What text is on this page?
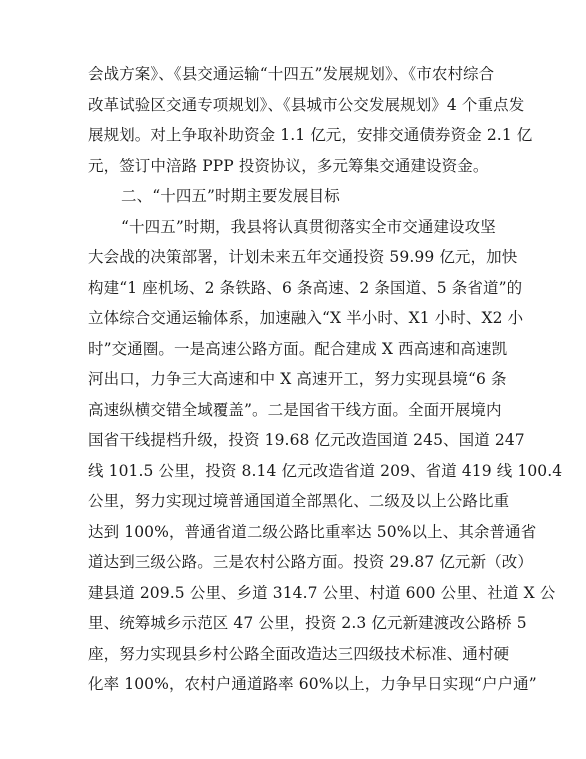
会战方案》、《县交通运输“十四五”发展规划》、《市农村综合
改革试验区交通专项规划》、《县城市公交发展规划》4 个重点发
展规划。对上争取补助资金 1.1 亿元，安排交通债券资金 2.1 亿
元，签订中涪路 PPP 投资协议，多元筹集交通建设资金。
二、“十四五”时期主要发展目标
“十四五”时期，我县将认真贯彻落实全市交通建设攻坚
大会战的决策部署，计划未来五年交通投资 59.99 亿元，加快
构建“1 座机场、2 条铁路、6 条高速、2 条国道、5 条省道”的
立体综合交通运输体系，加速融入“X 半小时、X1 小时、X2 小
时”交通圈。一是高速公路方面。配合建成 X 西高速和高速凯
河出口，力争三大高速和中 X 高速开工，努力实现县境“6 条
高速纵横交错全域覆盖”。二是国省干线方面。全面开展境内
国省干线提档升级，投资 19.68 亿元改造国道 245、国道 247
线 101.5 公里，投资 8.14 亿元改造省道 209、省道 419 线 100.4
公里，努力实现过境普通国道全部黑化、二级及以上公路比重
达到 100%，普通省道二级公路比重率达 50%以上、其余普通省
道达到三级公路。三是农村公路方面。投资 29.87 亿元新（改）
建县道 209.5 公里、乡道 314.7 公里、村道 600 公里、社道 X 公
里、统筹城乡示范区 47 公里，投资 2.3 亿元新建渡改公路桥 5
座，努力实现县乡村公路全面改造达三四级技术标准、通村硬
化率 100%，农村户通道路率 60%以上，力争早日实现“户户通”
